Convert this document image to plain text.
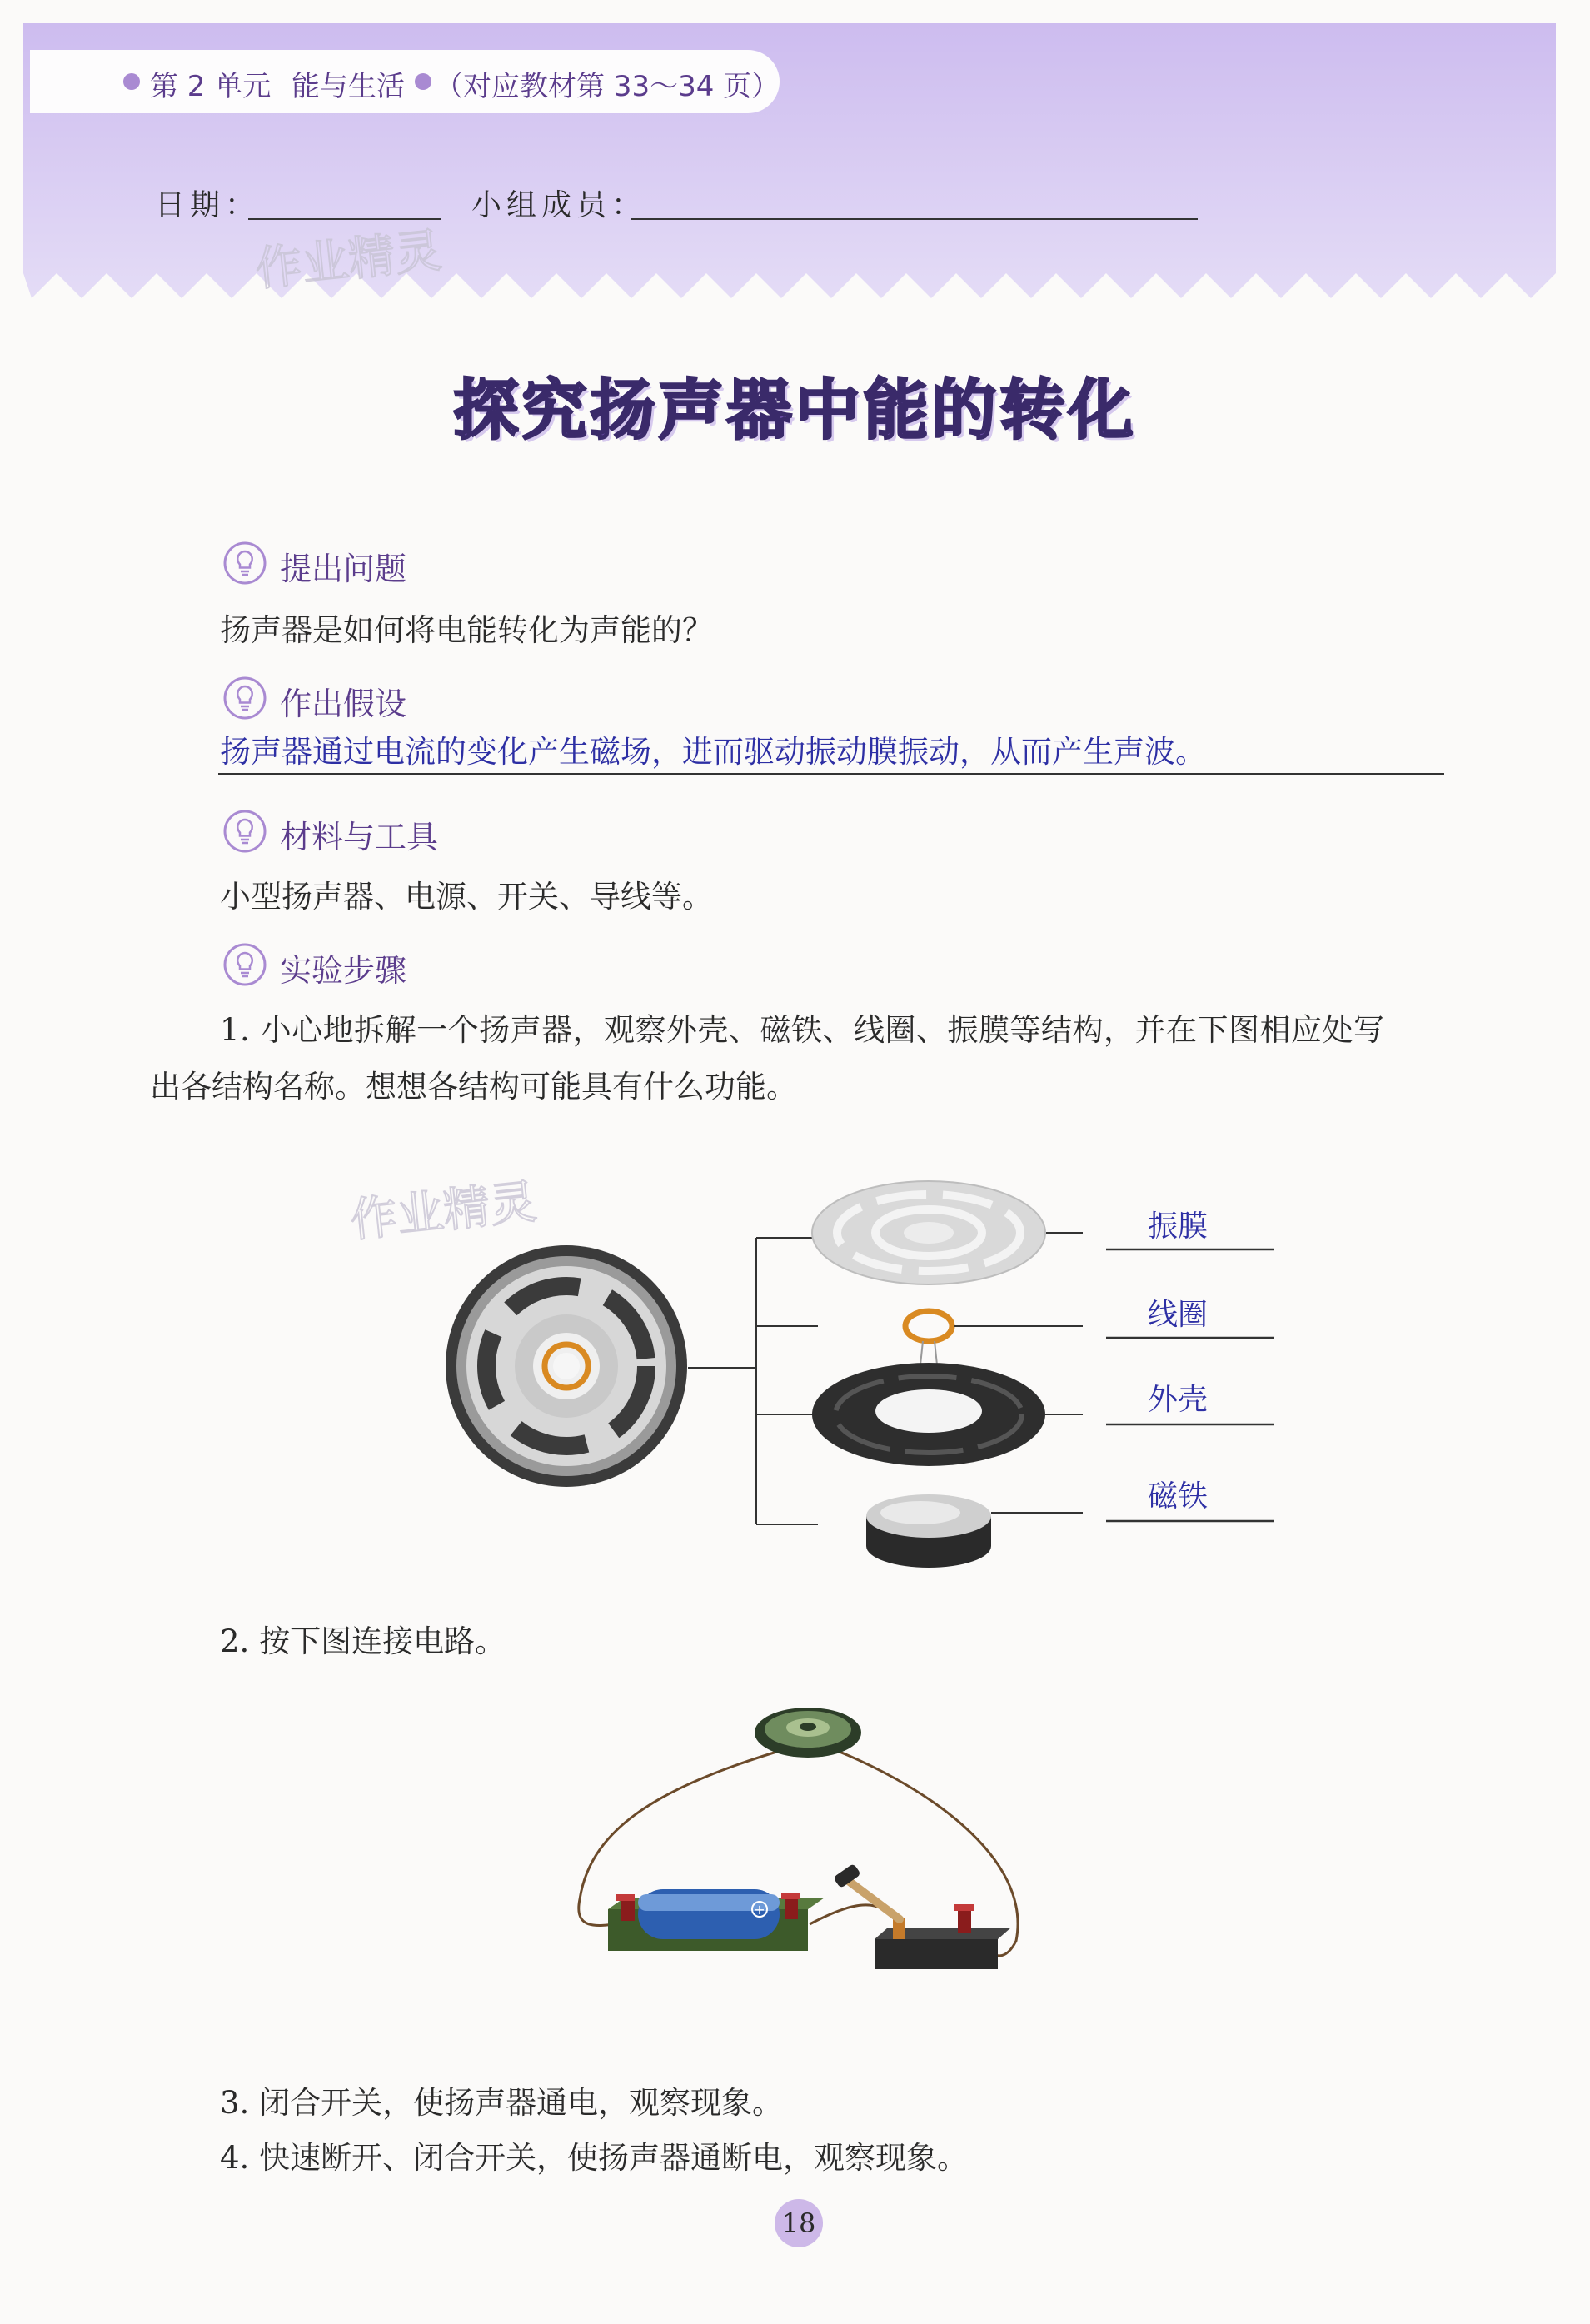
第 2 单元 能与生活 （对应教材第 33～34 页）
日期：	小组成员：
作业精灵
探究扬声器中能的转化
提出问题
扬声器是如何将电能转化为声能的？
作出假设
扬声器通过电流的变化产生磁场，进而驱动振动膜振动，从而产生声波。
材料与工具
小型扬声器、电源、开关、导线等。
实验步骤
1. 小心地拆解一个扬声器，观察外壳、磁铁、线圈、振膜等结构，并在下图相应处写
出各结构名称。想想各结构可能具有什么功能。
作业精灵	振膜
线圈
外壳
磁铁
2. 按下图连接电路。
+
3. 闭合开关，使扬声器通电，观察现象。
4. 快速断开、闭合开关，使扬声器通断电，观察现象。
18
